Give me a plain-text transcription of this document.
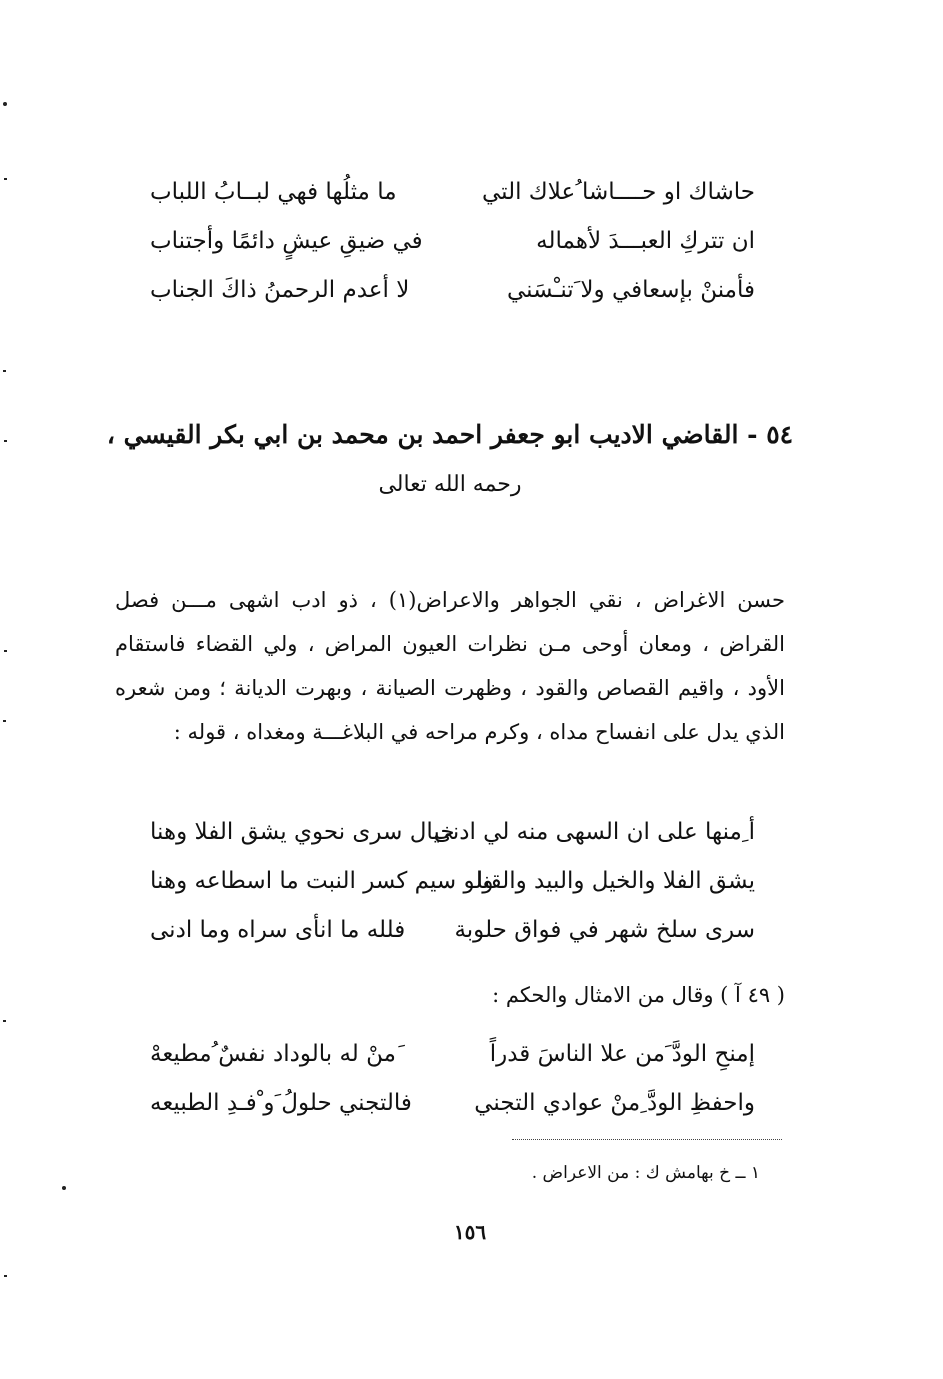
حاشاك او حــــاشا ُعلاك التي
ما مثلُها فهي لبــابُ اللباب
ان تتركِ العبـــدَ لأهماله
في ضيقِ عيشٍ دائمًا وأجتناب
فأمننْ بإسعافي ولا َتنـْسَني
لا أعدم الرحمنُ ذاكَ الجناب
٥٤ - القاضي الاديب ابو جعفر احمد بن محمد بن ابي بكر القيسي ،
رحمه الله تعالى

حسن الاغراض ، نقي الجواهر والاعراض(١) ، ذو ادب اشهى مـــن فصل القراض ، ومعان أوحى مـن نظرات العيون المراض ، ولي القضاء فاستقام الأود ، واقيم القصاص والقود ، وظهرت الصيانة ، وبهرت الديانة ؛ ومن شعره الذي يدل على انفساح مداه ، وكرم مراحه في البلاغـــة ومغداه ، قوله :

أ ِمنها على ان السهى منه لي ادنى
خيال سرى نحوي يشق الفلا وهنا
يشق الفلا والخيل والبيد والقنا
ولو سيم كسر النبت ما اسطاعه وهنا
سرى سلخ شهر في فواق حلوبة
فلله ما انأى سراه وما ادنى
( ٤٩ آ ) وقال من الامثال والحكم :
إمنحِ الودَّ َمن علا الناسَ قدراً
َمنْ له بالوداد نفسٌ ُمطيعهْ
واحفظِ الودَّ ِمنْ عوادي التجني
فالتجني حلولُ َو ْفـدِ الطبيعه
١ ــ خ بهامش ك : من الاعراض .
١٥٦
